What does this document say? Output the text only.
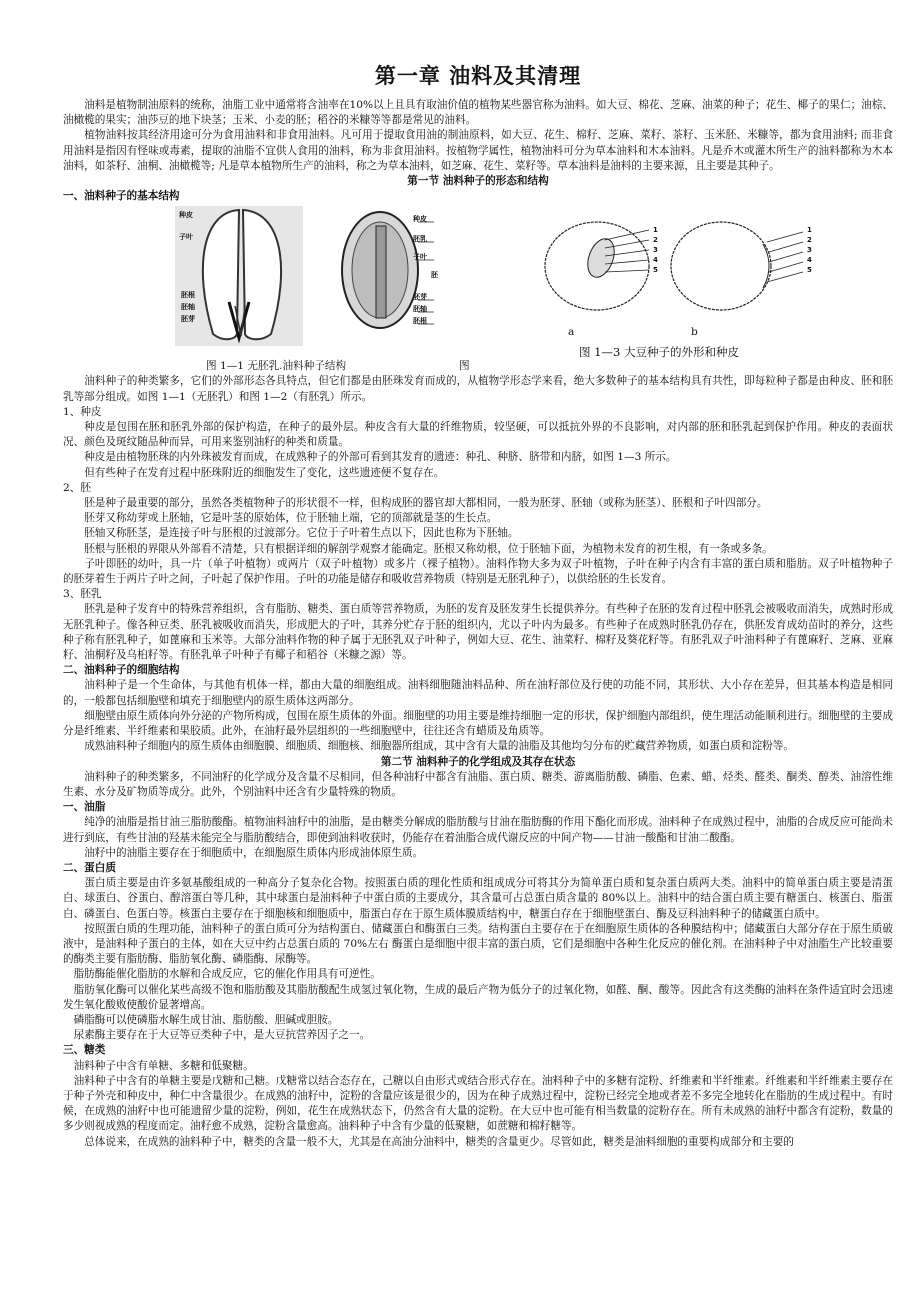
第一章 油料及其清理

油料是植物制油原料的统称，油脂工业中通常将含油率在10%以上且具有取油价值的植物某些器官称为油料。如大豆、棉花、芝麻、油菜的种子；花生、椰子的果仁；油棕、油橄榄的果实；油莎豆的地下块茎；玉米、小麦的胚；稻谷的米糠等等都是常见的油料。

植物油料按其经济用途可分为食用油料和非食用油料。凡可用于提取食用油的制油原料，如大豆、花生、棉籽、芝麻、菜籽、茶籽、玉米胚、米糠等，都为食用油料; 而非食用油料是指因有怪味或毒素，提取的油脂不宜供人食用的油料，称为非食用油料。按植物学属性，植物油料可分为草本油料和木本油料。凡是乔木或灌木所生产的油料都称为木本油料，如茶籽、油桐、油橄榄等; 凡是草本植物所生产的油料，称之为草本油料，如芝麻、花生、菜籽等。草本油料是油料的主要来源，且主要是其种子。

第一节 油料种子的形态和结构
一、油料种子的基本结构
种皮
子叶
胚根
胚轴
胚芽
种皮
胚乳
子叶
胚芽
胚轴
胚根
胚
1
2
3
4
5
1
2
3
4
5
a	b
图 1—3 大豆种子的外形和种皮
图 1—1 无胚乳.油料种子结构	图

油料种子的种类繁多，它们的外部形态各具特点，但它们都是由胚珠发育而成的，从植物学形态学来看，绝大多数种子的基本结构具有共性，即每粒种子都是由种皮、胚和胚乳等部分组成。如图 1—1（无胚乳）和图 1—2（有胚乳）所示。

1、种皮

种皮是包围在胚和胚乳外部的保护构造，在种子的最外层。种皮含有大量的纤维物质，较坚硬，可以抵抗外界的不良影响，对内部的胚和胚乳起到保护作用。种皮的表面状况、颜色及斑纹随品种而异，可用来鉴别油籽的种类和质量。

种皮是由植物胚珠的内外珠被发育而成，在成熟种子的外部可看到其发育的遗迹：种孔、种脐、脐带和内脐，如图 1—3 所示。

但有些种子在发育过程中胚珠附近的细胞发生了变化，这些遗迹便不复存在。

2、胚

胚是种子最重要的部分，虽然各类植物种子的形状很不一样，但构成胚的器官却大都相同，一般为胚芽、胚轴（或称为胚茎）、胚根和子叶四部分。

胚芽又称幼芽或上胚轴，它是叶茎的原始体，位于胚轴上端，它的顶部就是茎的生长点。

胚轴又称胚茎，是连接子叶与胚根的过渡部分。它位于子叶着生点以下，因此也称为下胚轴。

胚根与胚根的界限从外部看不清楚，只有根据详细的解剖学观察才能确定。胚根又称幼根，位于胚轴下面，为植物未发育的初生根，有一条或多条。

子叶即胚的幼叶，具一片（单子叶植物）或两片（双子叶植物）或多片（裸子植物）。油料作物大多为双子叶植物，子叶在种子内含有丰富的蛋白质和脂肪。双子叶植物种子的胚芽着生于两片子叶之间，子叶起了保护作用。子叶的功能是储存和吸收营养物质（特别是无胚乳种子），以供给胚的生长发育。

3、胚乳

胚乳是种子发育中的特殊营养组织，含有脂肪、糖类、蛋白质等营养物质，为胚的发育及胚发芽生长提供养分。有些种子在胚的发育过程中胚乳会被吸收而消失，成熟时形成无胚乳种子。像各种豆类、胚乳被吸收而消失，形成肥大的子叶，其养分贮存于胚的组织内，尤以子叶内为最多。有些种子在成熟时胚乳仍存在，供胚发育成幼苗时的养分，这些种子称有胚乳种子，如蓖麻和玉米等。大部分油料作物的种子属于无胚乳双子叶种子，例如大豆、花生、油菜籽、棉籽及葵花籽等。有胚乳双子叶油料种子有蓖麻籽、芝麻、亚麻籽、油桐籽及乌桕籽等。有胚乳单子叶种子有椰子和稻谷（米糠之源）等。

二、油料种子的细胞结构

油料种子是一个生命体，与其他有机体一样，都由大量的细胞组成。油料细胞随油料品种、所在油籽部位及行使的功能不同，其形状、大小存在差异，但其基本构造是相同的，一般都包括细胞壁和填充于细胞壁内的原生质体这两部分。

细胞壁由原生质体向外分泌的产物所构成，包围在原生质体的外面。细胞壁的功用主要是维持细胞一定的形状，保护细胞内部组织，使生理活动能顺利进行。细胞壁的主要成分是纤维素、半纤维素和果胶质。此外，在油籽最外层组织的一些细胞壁中，往往还含有蜡质及角质等。

成熟油料种子细胞内的原生质体由细胞膜、细胞质、细胞核、细胞器所组成，其中含有大量的油脂及其他均匀分布的贮藏营养物质，如蛋白质和淀粉等。

第二节 油料种子的化学组成及其存在状态

油料种子的种类繁多，不同油籽的化学成分及含量不尽相同，但各种油籽中都含有油脂、蛋白质、糖类、游离脂肪酸、磷脂、色素、蜡、烃类、醛类、酮类、醇类、油溶性维生素、水分及矿物质等成分。此外，个别油料中还含有少量特殊的物质。

一、油脂

纯净的油脂是指甘油三脂肪酸酯。植物油料油籽中的油脂，是由糖类分解成的脂肪酸与甘油在脂肪酶的作用下酯化而形成。油料种子在成熟过程中，油脂的合成反应可能尚未进行到底，有些甘油的羟基未能完全与脂肪酸结合，即使到油料收获时，仍能存在着油脂合成代谢反应的中间产物——甘油一酸酯和甘油二酸酯。

油籽中的油脂主要存在于细胞质中，在细胞原生质体内形成油体原生质。

二、蛋白质

蛋白质主要是由许多氨基酸组成的一种高分子复杂化合物。按照蛋白质的理化性质和组成成分可将其分为简单蛋白质和复杂蛋白质两大类。油料中的简单蛋白质主要是清蛋白、球蛋白、谷蛋白、醇溶蛋白等几种，其中球蛋白是油料种子中蛋白质的主要成分，其含量可占总蛋白质含量的 80%以上。油料中的结合蛋白质主要有糖蛋白、核蛋白、脂蛋白、磷蛋白、色蛋白等。核蛋白主要存在于细胞核和细胞质中，脂蛋白存在于原生质体膜质结构中，糖蛋白存在于细胞壁蛋白、酶及豆科油料种子的储藏蛋白质中。

按照蛋白质的生理功能，油料种子的蛋白质可分为结构蛋白、储藏蛋白和酶蛋白三类。结构蛋白主要存在于在细胞原生质体的各种膜结构中；储藏蛋白大部分存在于原生质破液中，是油料种子蛋白的主体，如在大豆中约占总蛋白质的 70%左右 酶蛋白是细胞中很丰富的蛋白质，它们是细胞中各种生化反应的催化剂。在油料种子中对油脂生产比较重要的酶类主要有脂肪酶、脂肪氧化酶、磷脂酶、尿酶等。

脂肪酶能催化脂肪的水解和合成反应，它的催化作用具有可逆性。

脂肪氧化酶可以催化某些高级不饱和脂肪酸及其脂肪酸配生成氢过氧化物，生成的最后产物为低分子的过氧化物，如醛、酮、酸等。因此含有这类酶的油料在条件适宜时会迅速发生氧化酸败使酸价显著增高。

磷脂酶可以使磷脂水解生成甘油、脂肪酸、胆碱或胆胺。

尿素酶主要存在于大豆等豆类种子中，是大豆抗营养因子之一。

三、糖类

油料种子中含有单糖、多糖和低聚糖。

油料种子中含有的单糖主要是戊糖和己糖。戊糖常以结合态存在，己糖以自由形式或结合形式存在。油料种子中的多糖有淀粉、纤维素和半纤维素。纤维素和半纤维素主要存在于种子外壳和种皮中，种仁中含量很少。在成熟的油籽中，淀粉的含量应该是很少的，因为在种子成熟过程中，淀粉已经完全地或者差不多完全地转化在脂肪的生成过程中。有时候，在成熟的油籽中也可能遗留少量的淀粉，例如，花生在成熟状态下，仍然含有大量的淀粉。在大豆中也可能有相当数量的淀粉存在。所有未成熟的油籽中都含有淀粉，数量的多少则视成熟的程度而定。油籽愈不成熟，淀粉含量愈高。油料种子中含有少量的低聚糖，如蔗糖和棉籽糖等。

总体说来，在成熟的油料种子中，糖类的含量一般不大，尤其是在高油分油料中，糖类的含量更少。尽管如此，糖类是油料细胞的重要构成部分和主要的
